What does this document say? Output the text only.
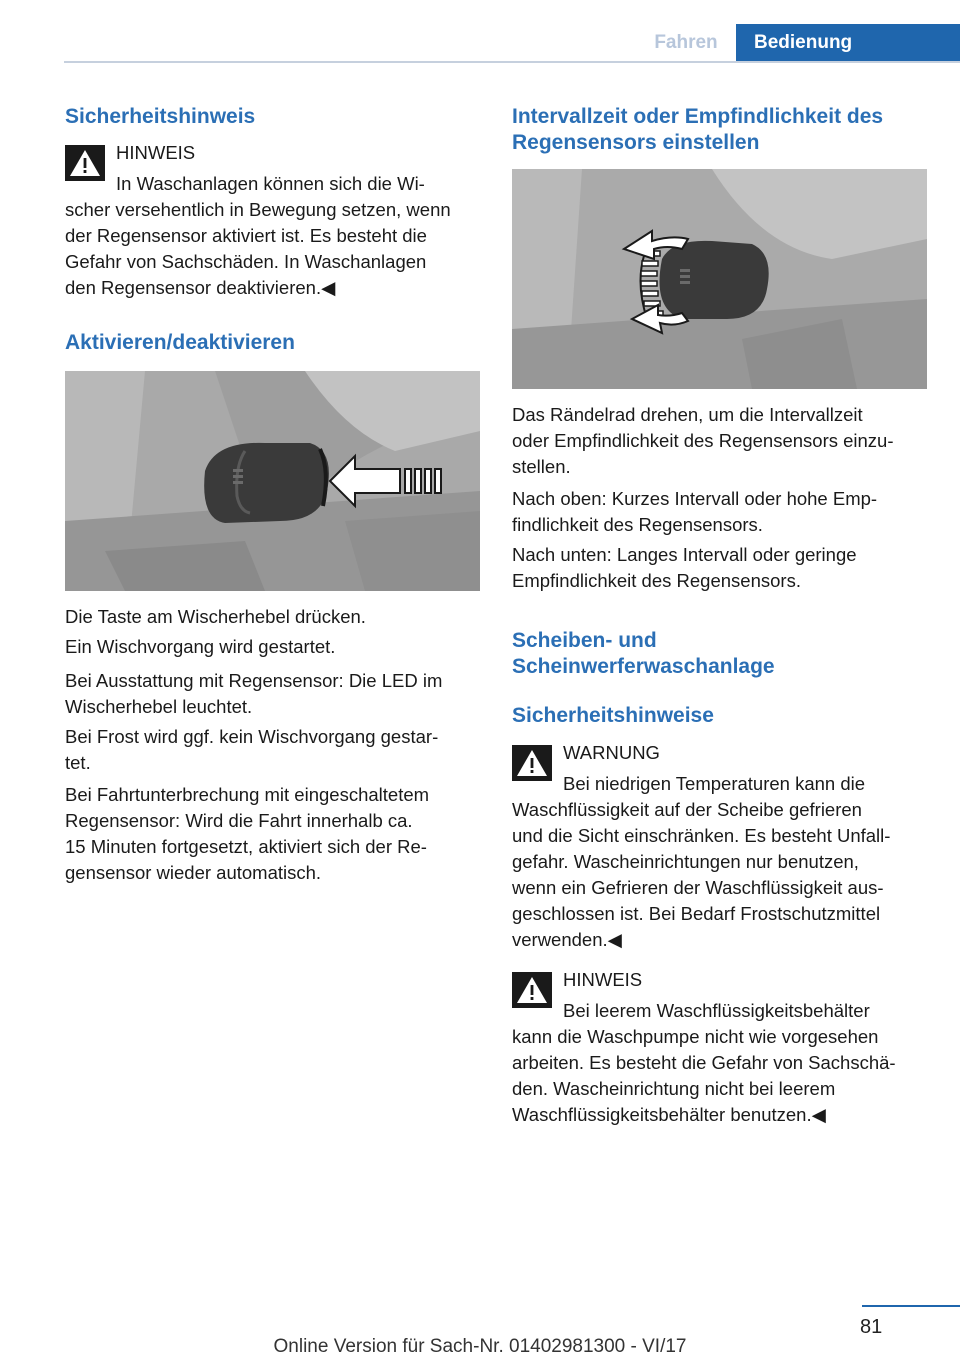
Fahren	Bedienung
Sicherheitshinweis
HINWEIS
In Waschanlagen können sich die Wi‐
scher versehentlich in Bewegung setzen, wenn
der Regensensor aktiviert ist. Es besteht die
Gefahr von Sachschäden. In Waschanlagen
den Regensensor deaktivieren.◀
Aktivieren/deaktivieren
Die Taste am Wischerhebel drücken.
Ein Wischvorgang wird gestartet.
Bei Ausstattung mit Regensensor: Die LED im
Wischerhebel leuchtet.
Bei Frost wird ggf. kein Wischvorgang gestar‐
tet.
Bei Fahrtunterbrechung mit eingeschaltetem
Regensensor: Wird die Fahrt innerhalb ca.
15 Minuten fortgesetzt, aktiviert sich der Re‐
gensensor wieder automatisch.
Intervallzeit oder Empfindlichkeit des
Regensensors einstellen
Das Rändelrad drehen, um die Intervallzeit
oder Empfindlichkeit des Regensensors einzu‐
stellen.
Nach oben: Kurzes Intervall oder hohe Emp‐
findlichkeit des Regensensors.
Nach unten: Langes Intervall oder geringe
Empfindlichkeit des Regensensors.
Scheiben- und
Scheinwerferwaschanlage
Sicherheitshinweise
WARNUNG
Bei niedrigen Temperaturen kann die
Waschflüssigkeit auf der Scheibe gefrieren
und die Sicht einschränken. Es besteht Unfall‐
gefahr. Wascheinrichtungen nur benutzen,
wenn ein Gefrieren der Waschflüssigkeit aus‐
geschlossen ist. Bei Bedarf Frostschutzmittel
verwenden.◀
HINWEIS
Bei leerem Waschflüssigkeitsbehälter
kann die Waschpumpe nicht wie vorgesehen
arbeiten. Es besteht die Gefahr von Sachschä‐
den. Wascheinrichtung nicht bei leerem
Waschflüssigkeitsbehälter benutzen.◀
81
Online Version für Sach-Nr. 01402981300 - VI/17
